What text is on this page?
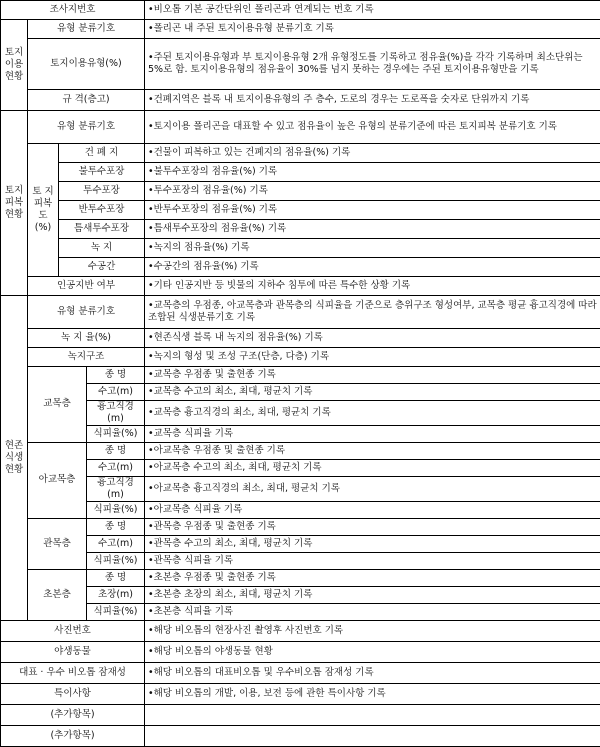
조사지번호				•비오톱 기본 공간단위인 폴리곤과 연계되는 번호 기록
토지
이용
현황	유형 분류기호			•폴리곤 내 주된 토지이용유형 분류기호 기록
	토지이용유형(%)			•주된 토지이용유형과 부 토지이용유형 2개 유형정도를 기록하고 점유율(%)을 각각 기록하며 최소단위는 5%로 함. 토지이용유형의 점유율이 30%를 넘지 못하는 경우에는 주된 토지이용유형만을 기록
	규 격(층고)			•건폐지역은 블록 내 토지이용유형의 주 층수, 도로의 경우는 도로폭을 숫자로 단위까지 기록
토지
피복
현황	유형 분류기호			•토지이용 폴리곤을 대표할 수 있고 점유율이 높은 유형의 분류기준에 따른 토지피복 분류기호 기록
	토 지
피복도
(%)	건 폐 지		•건물이 피복하고 있는 건폐지의 점유율(%) 기록
		불투수포장		•불투수포장의 점유율(%) 기록
		투수포장		•투수포장의 점유율(%) 기록
		반투수포장		•반투수포장의 점유율(%) 기록
		틈새투수포장		•틈새투수포장의 점유율(%) 기록
		녹 지		•녹지의 점유율(%) 기록
		수공간		•수공간의 점유율(%) 기록
	인공지반 여부			•기타 인공지반 등 빗물의 지하수 침투에 따른 특수한 상황 기록
현존
식생
현황	유형 분류기호			•교목층의 우점종, 아교목층과 관목층의 식피율을 기준으로 층위구조 형성여부, 교목층 평균 흉고직경에 따라 조합된 식생분류기호 기록
	녹 지 율(%)			•현존식생 블록 내 녹지의 점유율(%) 기록
	녹지구조			•녹지의 형성 및 조성 구조(단층, 다층) 기록
	교목층		종 명	•교목층 우점종 및 출현종 기록
			수고(m)	•교목층 수고의 최소, 최대, 평균치 기록
			흉고직경(m)	•교목층 흉고직경의 최소, 최대, 평균치 기록
			식피율(%)	•교목층 식피율 기록
	아교목층		종 명	•아교목층 우점종 및 출현종 기록
			수고(m)	•아교목층 수고의 최소, 최대, 평균치 기록
			흉고직경(m)	•아교목층 흉고직경의 최소, 최대, 평균치 기록
			식피율(%)	•아교목층 식피율 기록
	관목층		종 명	•관목층 우점종 및 출현종 기록
			수고(m)	•관목층 수고의 최소, 최대, 평균치 기록
			식피율(%)	•관목층 식피율 기록
	초본층		종 명	•초본층 우점종 및 출현종 기록
			초장(m)	•초본층 초장의 최소, 최대, 평균치 기록
			식피율(%)	•초본층 식피율 기록
사진번호				•해당 비오톱의 현장사진 촬영후 사진번호 기록
야생동물				•해당 비오톱의 야생동물 현황
대표 · 우수 비오톱 잠재성				•해당 비오톱의 대표비오톱 및 우수비오톱 잠재성 기록
특이사항				•해당 비오톱의 개발, 이용, 보전 등에 관한 특이사항 기록
(추가항목)				
(추가항목)				
